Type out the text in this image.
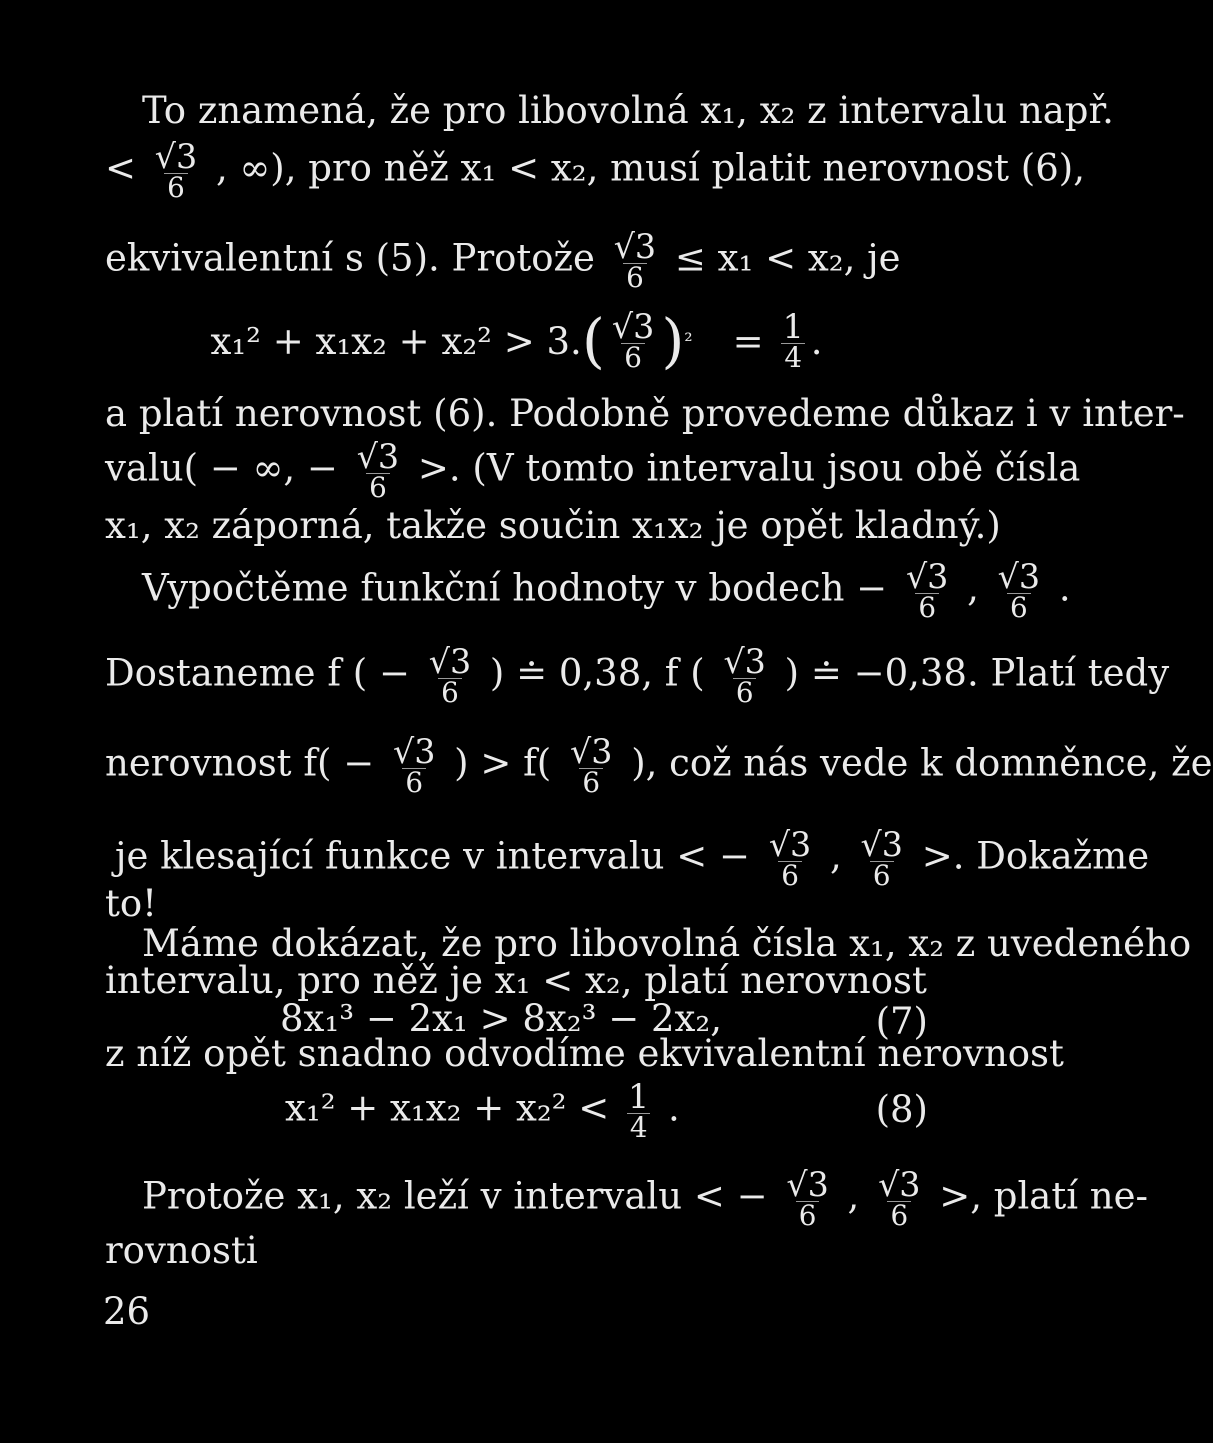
To znamená, že pro libovolná x₁, x₂ z intervalu např.
< $\frac{√3}{6}$ , ∞), pro něž x₁ < x₂, musí platit nerovnost (6),
ekvivalentní s (5). Protože $\frac{√3}{6} \le x_1 < x_2$, je
x₁² + x₁x₂ + x₂² > 3. ( $\frac{√3}{6}$ ) $^2 = \frac{1}{4}$ .
a platí nerovnost (6). Podobně provedeme důkaz i v inter-
valu( − ∞, − $\frac{√3}{6}$ >. (V tomto intervalu jsou obě čísla
x₁, x₂ záporná, takže součin x₁x₂ je opět kladný.)
Vypočtěme funkční hodnoty v bodech − $\frac{√3}{6}$ , $\frac{√3}{6}$ .
Dostaneme f ( − $\frac{√3}{6}$ ) ≐ 0,38, f ( $\frac{√3}{6}$ ) ≐ −0,38. Platí tedy
nerovnost $f( - \frac{√3}{6}$ ) > $f( \frac{√3}{6}$ ), což nás vede k domněnce, že
je klesající funkce v intervalu < − $\frac{√3}{6}$ , $\frac{√3}{6}$ >. Dokažme
to!
Máme dokázat, že pro libovolná čísla x₁, x₂ z uvedeného
intervalu, pro něž je x₁ < x₂, platí nerovnost
8x₁³ − 2x₁ > 8x₂³ − 2x₂,	(7)
z níž opět snadno odvodíme ekvivalentní nerovnost
$x_1^2 + x_1x_2 + x_2^2 < \frac{1}{4}$ .	(8)
Protože x₁, x₂ leží v intervalu < − $\frac{√3}{6}$ , $\frac{√3}{6}$ >, platí ne-
rovnosti
26
